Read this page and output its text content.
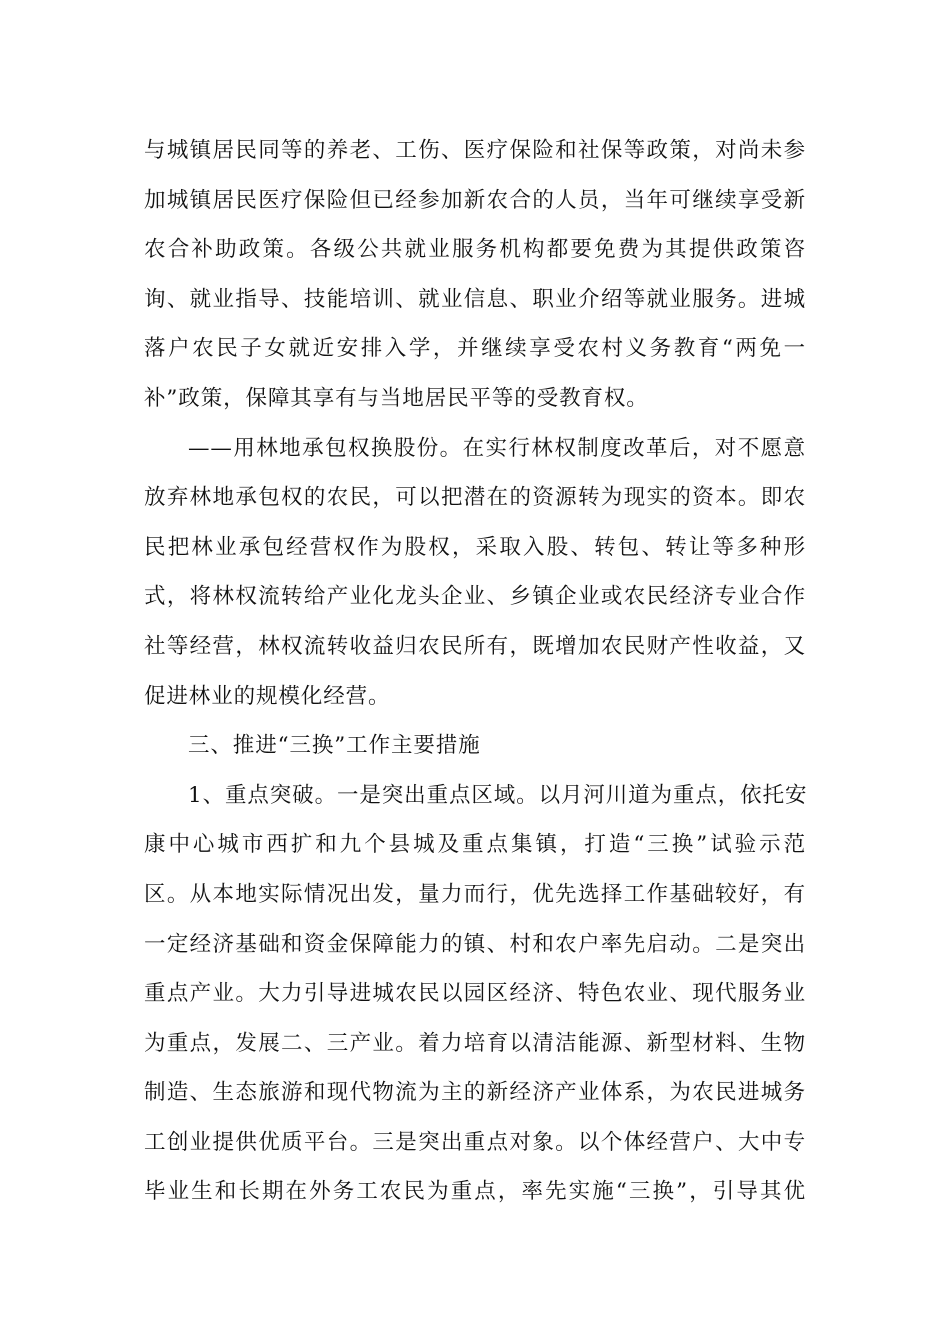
与城镇居民同等的养老、工伤、医疗保险和社保等政策，对尚未参
加城镇居民医疗保险但已经参加新农合的人员，当年可继续享受新
农合补助政策。各级公共就业服务机构都要免费为其提供政策咨
询、就业指导、技能培训、就业信息、职业介绍等就业服务。进城
落户农民子女就近安排入学，并继续享受农村义务教育“两免一
补”政策，保障其享有与当地居民平等的受教育权。
——用林地承包权换股份。在实行林权制度改革后，对不愿意
放弃林地承包权的农民，可以把潜在的资源转为现实的资本。即农
民把林业承包经营权作为股权，采取入股、转包、转让等多种形
式，将林权流转给产业化龙头企业、乡镇企业或农民经济专业合作
社等经营，林权流转收益归农民所有，既增加农民财产性收益，又
促进林业的规模化经营。
三、推进“三换”工作主要措施
1、重点突破。一是突出重点区域。以月河川道为重点，依托安
康中心城市西扩和九个县城及重点集镇，打造“三换”试验示范
区。从本地实际情况出发，量力而行，优先选择工作基础较好，有
一定经济基础和资金保障能力的镇、村和农户率先启动。二是突出
重点产业。大力引导进城农民以园区经济、特色农业、现代服务业
为重点，发展二、三产业。着力培育以清洁能源、新型材料、生物
制造、生态旅游和现代物流为主的新经济产业体系，为农民进城务
工创业提供优质平台。三是突出重点对象。以个体经营户、大中专
毕业生和长期在外务工农民为重点，率先实施“三换”，引导其优
